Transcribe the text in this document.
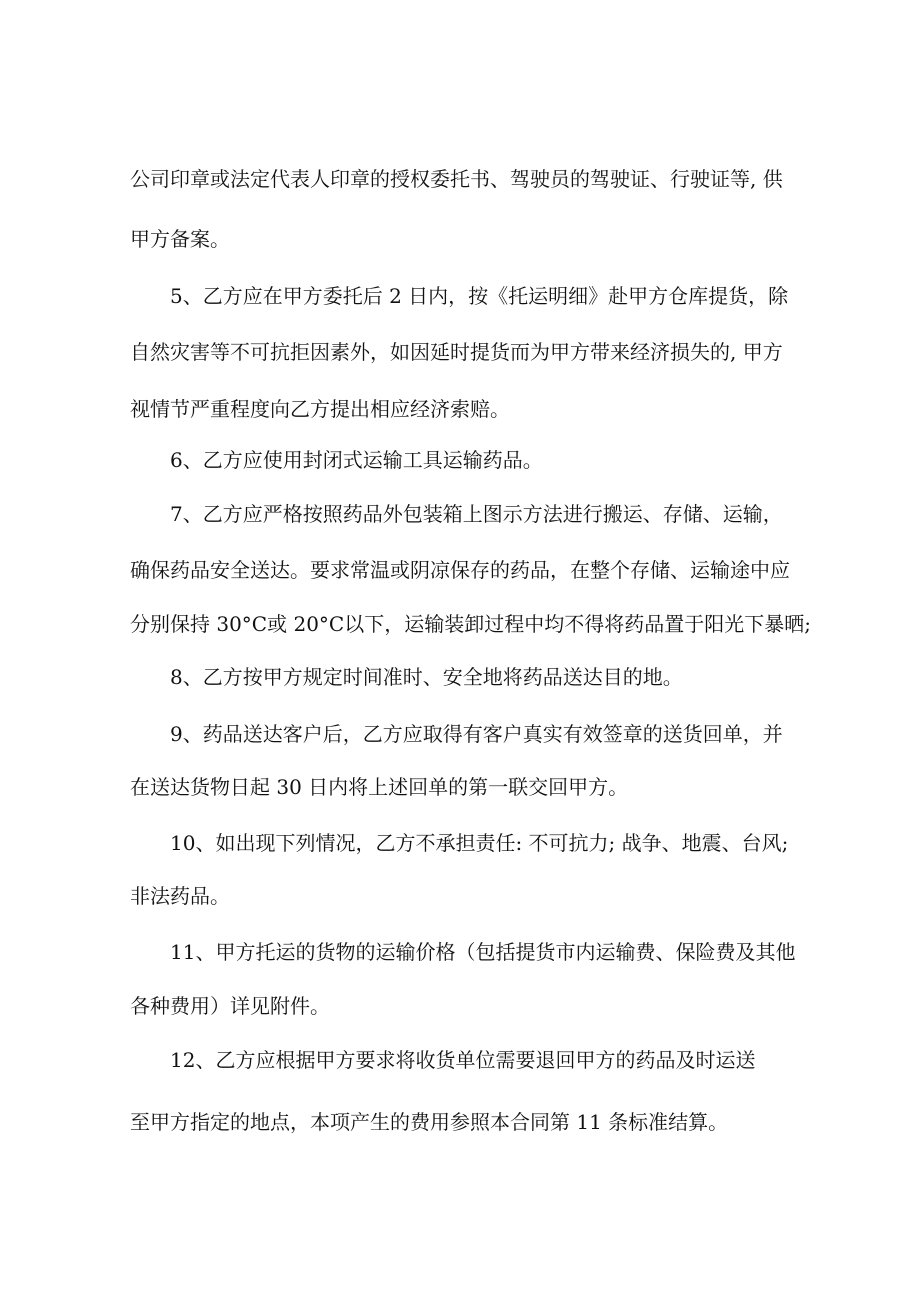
公司印章或法定代表人印章的授权委托书、驾驶员的驾驶证、行驶证等, 供
甲方备案。
5、乙方应在甲方委托后 2 日内，按《托运明细》赴甲方仓库提货，除
自然灾害等不可抗拒因素外，如因延时提货而为甲方带来经济损失的, 甲方
视情节严重程度向乙方提出相应经济索赔。
6、乙方应使用封闭式运输工具运输药品。
7、乙方应严格按照药品外包装箱上图示方法进行搬运、存储、运输，
确保药品安全送达。要求常温或阴凉保存的药品，在整个存储、运输途中应
分别保持 30°C或 20°C以下，运输装卸过程中均不得将药品置于阳光下暴晒;
8、乙方按甲方规定时间准时、安全地将药品送达目的地。
9、药品送达客户后，乙方应取得有客户真实有效签章的送货回单，并
在送达货物日起 30 日内将上述回单的第一联交回甲方。
10、如出现下列情况，乙方不承担责任: 不可抗力; 战争、地震、台风;
非法药品。
11、甲方托运的货物的运输价格（包括提货市内运输费、保险费及其他
各种费用）详见附件。
12、乙方应根据甲方要求将收货单位需要退回甲方的药品及时运送
至甲方指定的地点，本项产生的费用参照本合同第 11 条标准结算。
